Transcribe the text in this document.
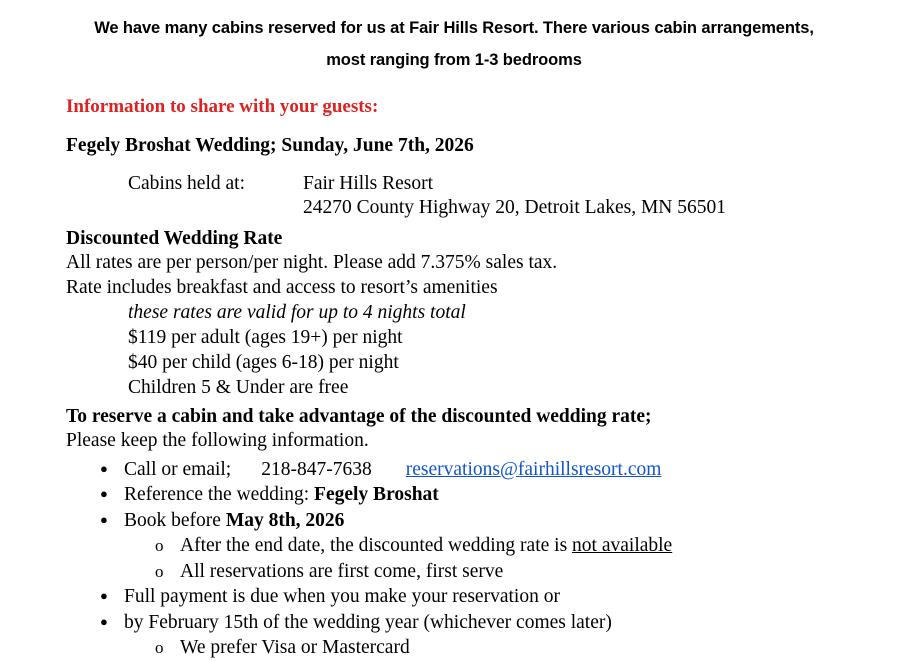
We have many cabins reserved for us at Fair Hills Resort. There various cabin arrangements,
most ranging from 1-3 bedrooms
Information to share with your guests:
Fegely Broshat Wedding; Sunday, June 7th, 2026
Cabins held at:	Fair Hills Resort
24270 County Highway 20, Detroit Lakes, MN 56501
Discounted Wedding Rate
All rates are per person/per night. Please add 7.375% sales tax.
Rate includes breakfast and access to resort’s amenities
these rates are valid for up to 4 nights total
$119 per adult (ages 19+) per night
$40 per child (ages 6-18) per night
Children 5 & Under are free
To reserve a cabin and take advantage of the discounted wedding rate;
Please keep the following information.
● Call or email; 218-847-7638 reservations@fairhillsresort.com
● Reference the wedding: Fegely Broshat
● Book before May 8th, 2026
o After the end date, the discounted wedding rate is not available
o All reservations are first come, first serve
● Full payment is due when you make your reservation or
● by February 15th of the wedding year (whichever comes later)
o We prefer Visa or Mastercard
